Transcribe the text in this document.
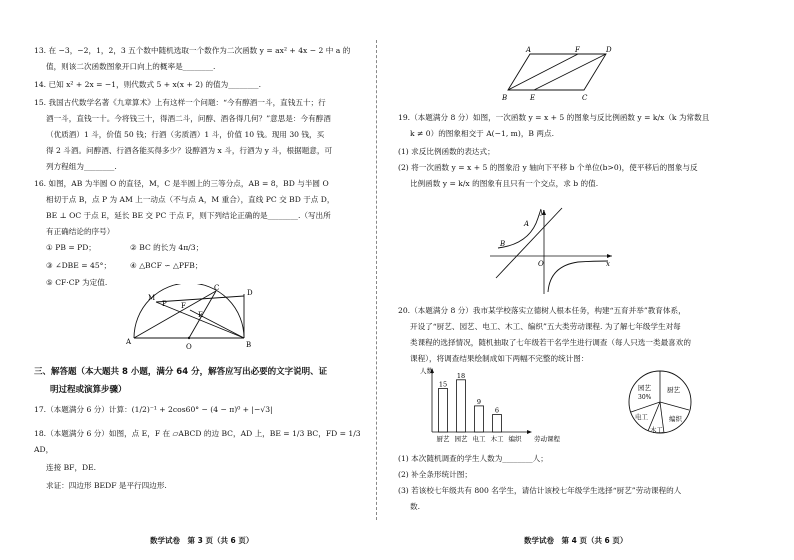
13. 在 −3，−2，1，2，3 五个数中随机选取一个数作为二次函数 y = ax² + 4x − 2 中 a 的
值，则该二次函数图象开口向上的概率是________.
14. 已知 x² + 2x = −1，则代数式 5 + x(x + 2) 的值为________.
15. 我国古代数学名著《九章算术》上有这样一个问题：“今有醇酒一斗，直钱五十；行
酒一斗，直钱一十。今将钱三十，得酒二斗，问醇、酒各得几何？”意思是：今有醇酒
（优质酒）1 斗，价值 50 钱；行酒（劣质酒）1 斗，价值 10 钱。现用 30 钱，买
得 2 斗酒。问醇酒、行酒各能买得多少？设醇酒为 x 斗，行酒为 y 斗，根据题意，可
列方程组为________.
16. 如图，AB 为半圆 O 的直径，M，C 是半圆上的三等分点，AB = 8，BD 与半圆 O
相切于点 B，点 P 为 AM 上一动点（不与点 A，M 重合），直线 PC 交 BD 于点 D，
BE ⊥ OC 于点 E，延长 BE 交 PC 于点 F，则下列结论正确的是________.（写出所
有正确结论的序号）
① PB = PD；	② BC 的长为 4π/3；
③ ∠DBE = 45°； ④ △BCF ∽ △PFB；
⑤ CF·CP 为定值.
M
F
C
D
P
E
A
O	B
三、解答题（本大题共 8 小题，满分 64 分，解答应写出必要的文字说明、证
明过程或演算步骤）
17.（本题满分 6 分）计算：(1/2)⁻¹ + 2cos60° − (4 − π)⁰ + |−√3|
18.（本题满分 6 分）如图，点 E，F 在 ▱ABCD 的边 BC，AD 上，BE = 1/3 BC，FD = 1/3 AD，
连接 BF，DE.
求证：四边形 BEDF 是平行四边形.
数学试卷　第 3 页（共 6 页）
A	F	D
B	E	C
19.（本题满分 8 分）如图，一次函数 y = x + 5 的图象与反比例函数 y = k/x（k 为常数且
k ≠ 0）的图象相交于 A(−1, m)，B 两点.
(1) 求反比例函数的表达式；
(2) 将一次函数 y = x + 5 的图象沿 y 轴向下平移 b 个单位(b>0)，使平移后的图象与反
比例函数 y = k/x 的图象有且只有一个交点，求 b 的值.
y
A
B
O	x
20.（本题满分 8 分）我市某学校落实立德树人根本任务，构建“五育并举”教育体系，
开设了“厨艺、园艺、电工、木工、编织”五大类劳动课程. 为了解七年级学生对每
类课程的选择情况，随机抽取了七年级若干名学生进行调查（每人只选一类最喜欢的
课程），将调查结果绘制成如下两幅不完整的统计图：
人数
劳动课程
15
厨艺
18
园艺
9
电工
6
木工 编织
园艺
30%
厨艺
电工	编织
木工
(1) 本次随机调查的学生人数为________人；
(2) 补全条形统计图；
(3) 若该校七年级共有 800 名学生，请估计该校七年级学生选择“厨艺”劳动课程的人
数.
数学试卷　第 4 页（共 6 页）
